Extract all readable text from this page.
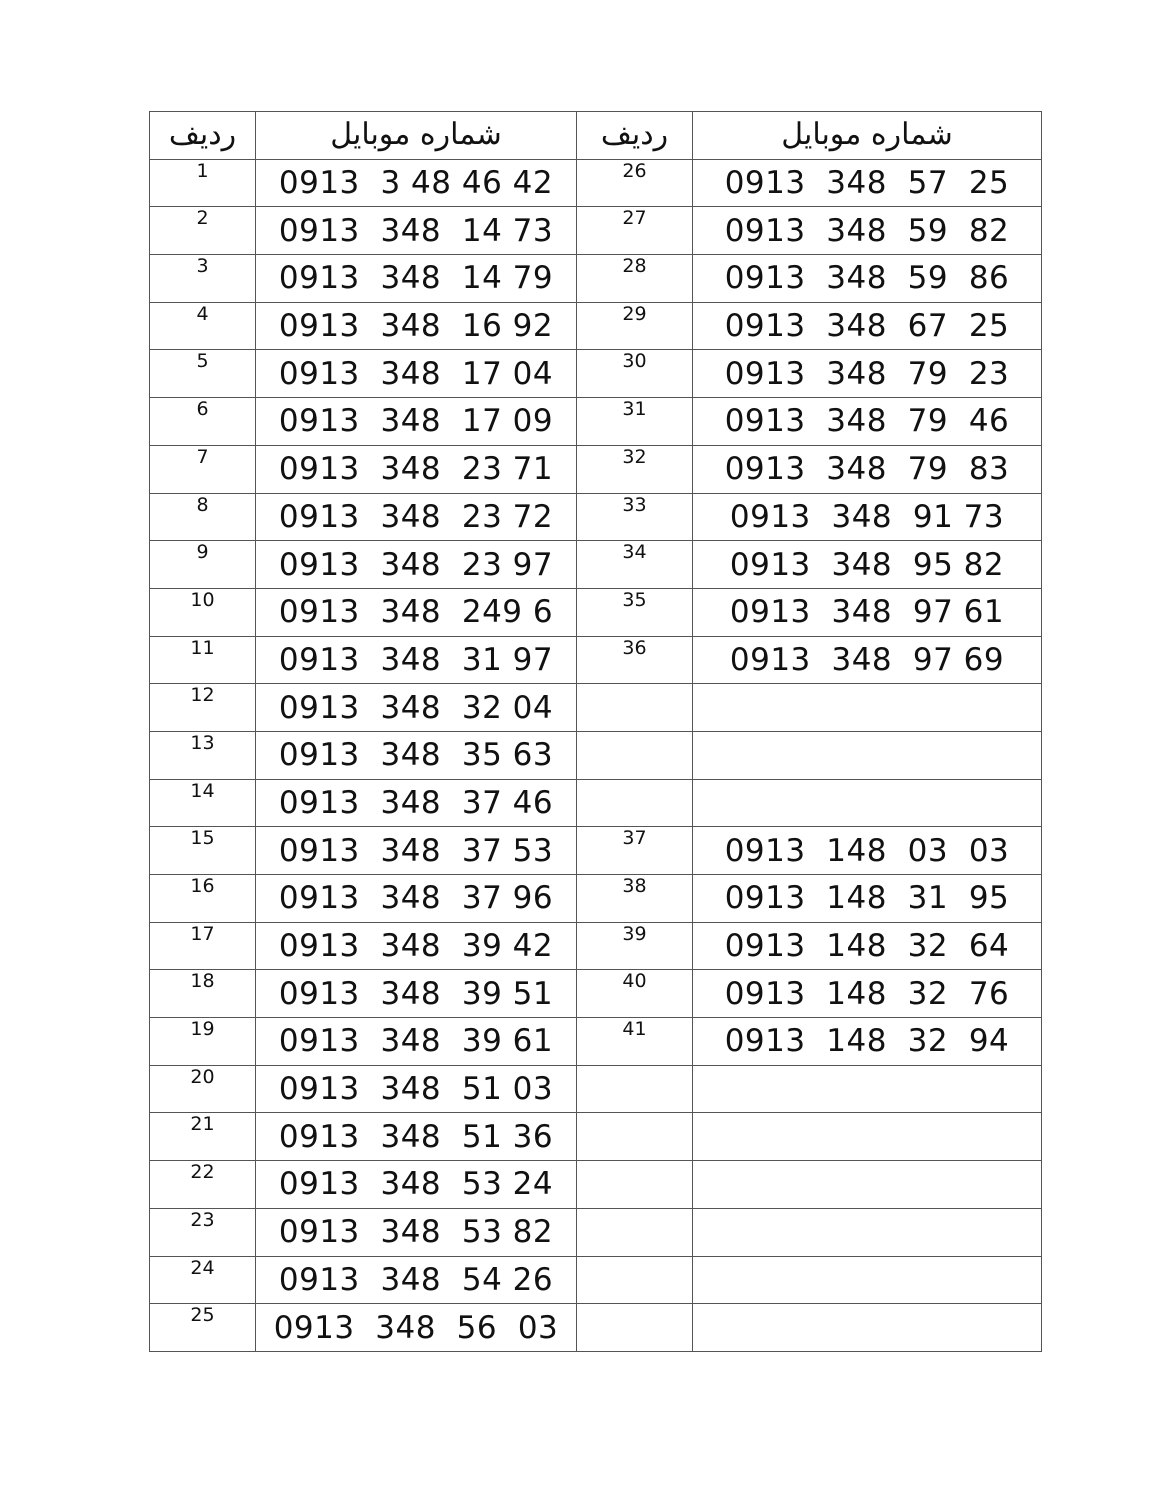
ردیف	شماره موبایل	ردیف	شماره موبایل
1	0913  3 48 46 42	26	0913  348  57  25
2	0913  348  14 73	27	0913  348  59  82
3	0913  348  14 79	28	0913  348  59  86
4	0913  348  16 92	29	0913  348  67  25
5	0913  348  17 04	30	0913  348  79  23
6	0913  348  17 09	31	0913  348  79  46
7	0913  348  23 71	32	0913  348  79  83
8	0913  348  23 72	33	0913  348  91 73
9	0913  348  23 97	34	0913  348  95 82
10	0913  348  249 6	35	0913  348  97 61
11	0913  348  31 97	36	0913  348  97 69
12	0913  348  32 04		
13	0913  348  35 63		
14	0913  348  37 46		
15	0913  348  37 53	37	0913  148  03  03
16	0913  348  37 96	38	0913  148  31  95
17	0913  348  39 42	39	0913  148  32  64
18	0913  348  39 51	40	0913  148  32  76
19	0913  348  39 61	41	0913  148  32  94
20	0913  348  51 03		
21	0913  348  51 36		
22	0913  348  53 24		
23	0913  348  53 82		
24	0913  348  54 26		
25	0913  348  56  03		
